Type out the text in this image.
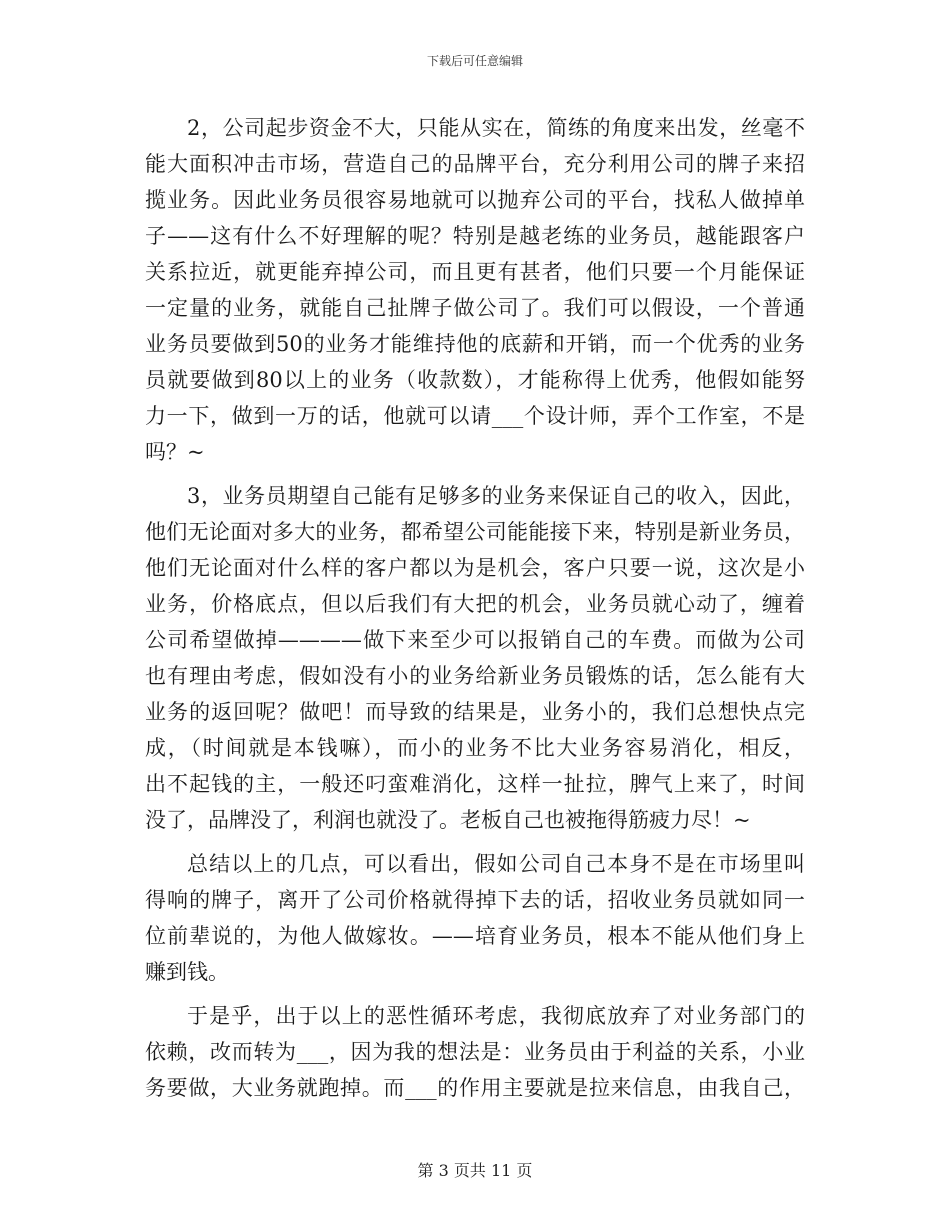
下载后可任意编辑
2，公司起步资金不大，只能从实在，简练的角度来出发，丝毫不
能大面积冲击市场，营造自己的品牌平台，充分利用公司的牌子来招
揽业务。因此业务员很容易地就可以抛弃公司的平台，找私人做掉单
子——这有什么不好理解的呢？特别是越老练的业务员，越能跟客户
关系拉近，就更能弃掉公司，而且更有甚者，他们只要一个月能保证
一定量的业务，就能自己扯牌子做公司了。我们可以假设，一个普通
业务员要做到50的业务才能维持他的底薪和开销，而一个优秀的业务
员就要做到80以上的业务（收款数），才能称得上优秀，他假如能努
力一下，做到一万的话，他就可以请___个设计师，弄个工作室，不是
吗？~
3，业务员期望自己能有足够多的业务来保证自己的收入，因此，
他们无论面对多大的业务，都希望公司能能接下来，特别是新业务员，
他们无论面对什么样的客户都以为是机会，客户只要一说，这次是小
业务，价格底点，但以后我们有大把的机会，业务员就心动了，缠着
公司希望做掉————做下来至少可以报销自己的车费。而做为公司
也有理由考虑，假如没有小的业务给新业务员锻炼的话，怎么能有大
业务的返回呢？做吧！而导致的结果是，业务小的，我们总想快点完
成，（时间就是本钱嘛），而小的业务不比大业务容易消化，相反，
出不起钱的主，一般还叼蛮难消化，这样一扯拉，脾气上来了，时间
没了，品牌没了，利润也就没了。老板自己也被拖得筋疲力尽！~
总结以上的几点，可以看出，假如公司自己本身不是在市场里叫
得响的牌子，离开了公司价格就得掉下去的话，招收业务员就如同一
位前辈说的，为他人做嫁妆。——培育业务员，根本不能从他们身上
赚到钱。
于是乎，出于以上的恶性循环考虑，我彻底放弃了对业务部门的
依赖，改而转为___，因为我的想法是：业务员由于利益的关系，小业
务要做，大业务就跑掉。而___的作用主要就是拉来信息，由我自己，
第 3 页共 11 页
